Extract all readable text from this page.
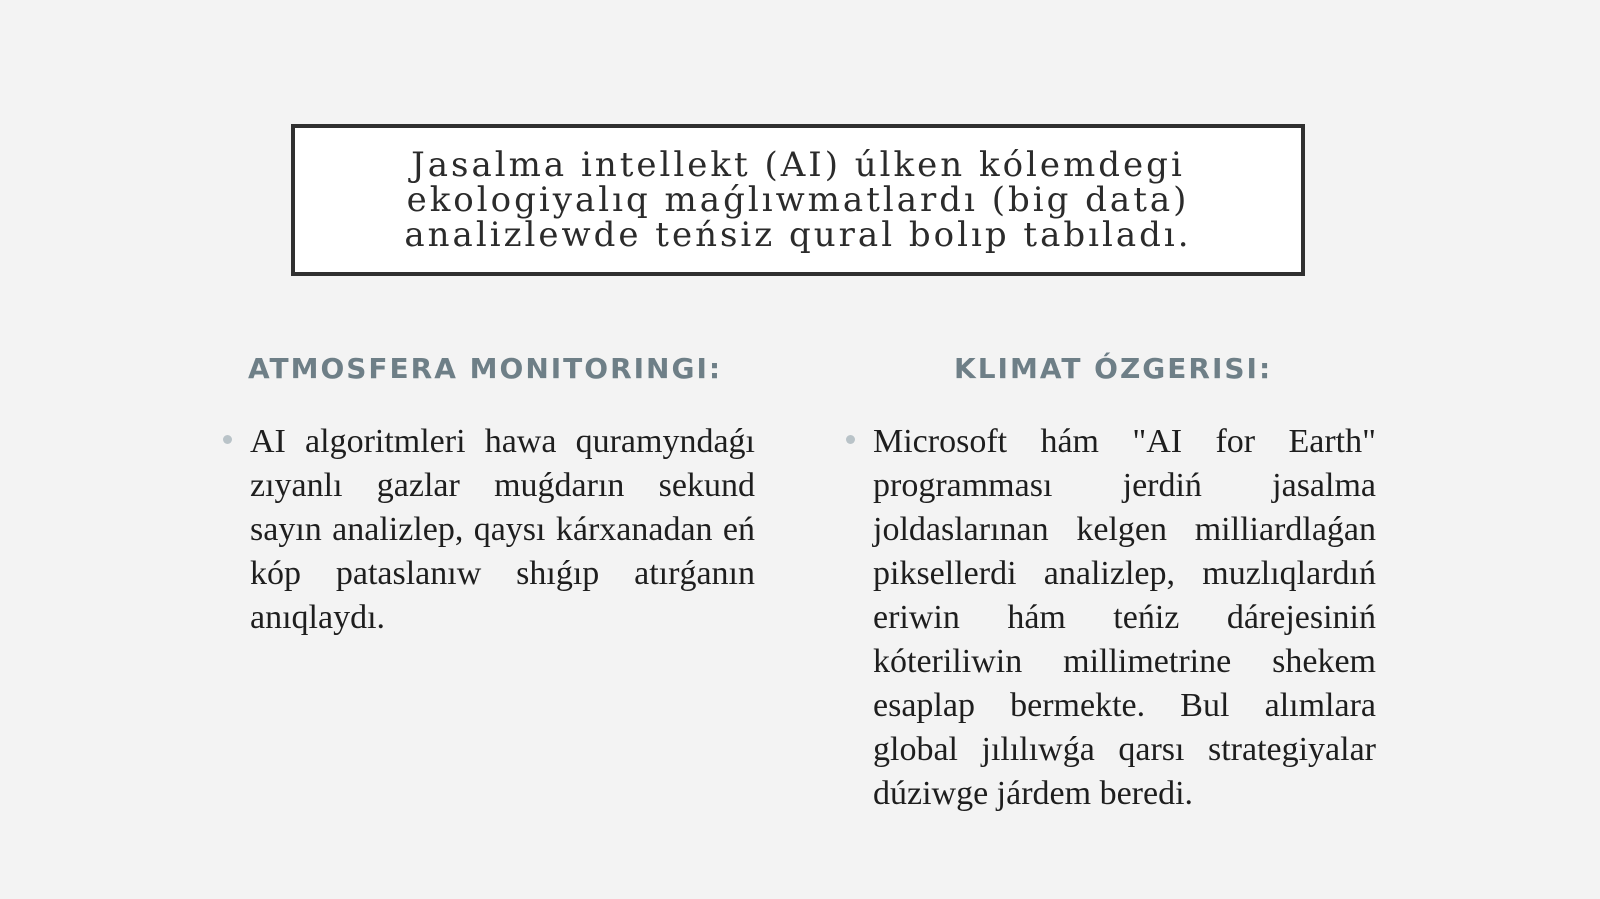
Jasalma intellekt (AI) úlken kólemdegi
ekologiyalıq maǵlıwmatlardı (big data)
analizlewde teńsiz qural bolıp tabıladı.
ATMOSFERA MONITORINGI:	KLIMAT ÓZGERISI:

AI algoritmleri hawa quramyndaǵı zıyanlı gazlar muǵdarın sekund sayın analizlep, qaysı kárxanadan eń kóp pataslanıw shıǵıp atırǵanın anıqlaydı.

Microsoft hám "AI for Earth" programması jerdiń jasalma joldaslarınan kelgen milliardlaǵan piksellerdi analizlep, muzlıqlardıń eriwin hám teńiz dárejesiniń kóteriliwin millimetrine shekem esaplap bermekte. Bul alımlara global jılılıwǵa qarsı strategiyalar dúziwge járdem beredi.
